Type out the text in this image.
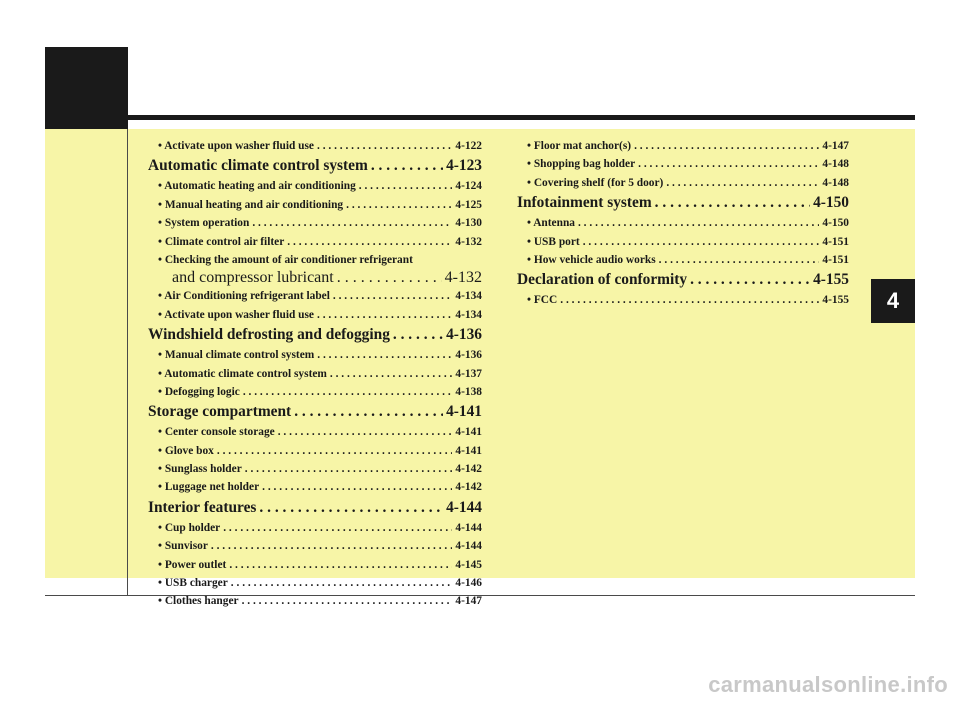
4
• Activate upon washer fluid use . . .	4-122
Automatic climate control system . . .	4-123
• Automatic heating and air conditioning . . .	4-124
• Manual heating and air conditioning . . .	4-125
• System operation . . .	4-130
• Climate control air filter . . .	4-132
• Checking the amount of air conditioner refrigerant
and compressor lubricant . . .	4-132
• Air Conditioning refrigerant label . . .	4-134
• Activate upon washer fluid use . . .	4-134
Windshield defrosting and defogging . . .	4-136
• Manual climate control system . . .	4-136
• Automatic climate control system . . .	4-137
• Defogging logic . . .	4-138
Storage compartment . . .	4-141
• Center console storage . . .	4-141
• Glove box . . .	4-141
• Sunglass holder . . .	4-142
• Luggage net holder . . .	4-142
Interior features . . .	4-144
• Cup holder . . .	4-144
• Sunvisor . . .	4-144
• Power outlet . . .	4-145
• USB charger . . .	4-146
• Clothes hanger . . .	4-147
• Floor mat anchor(s) . . .	4-147
• Shopping bag holder . . .	4-148
• Covering shelf (for 5 door) . . .	4-148
Infotainment system . . .	4-150
• Antenna . . .	4-150
• USB port . . .	4-151
• How vehicle audio works . . .	4-151
Declaration of conformity . . .	4-155
• FCC . . .	4-155
carmanualsonline.info
